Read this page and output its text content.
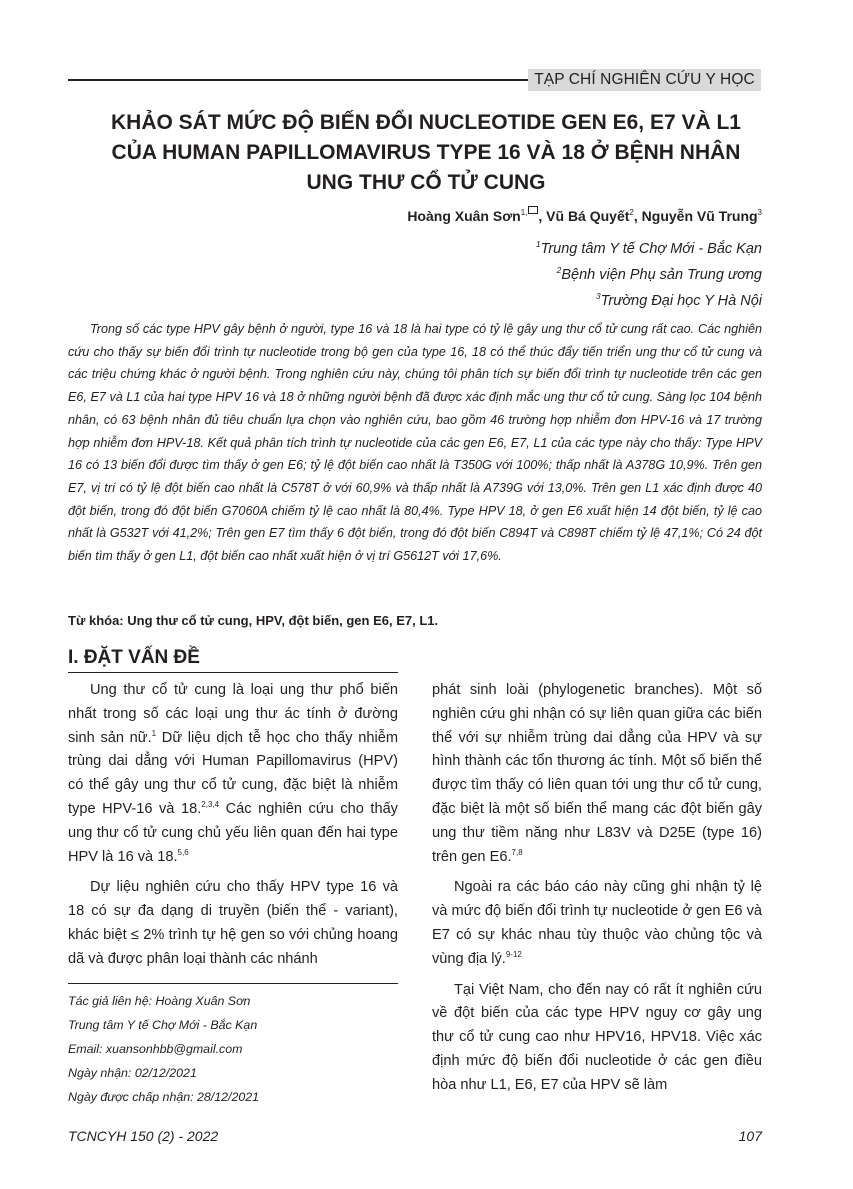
TẠP CHÍ NGHIÊN CỨU Y HỌC
KHẢO SÁT MỨC ĐỘ BIẾN ĐỔI NUCLEOTIDE GEN E6, E7 VÀ L1
CỦA HUMAN PAPILLOMAVIRUS TYPE 16 VÀ 18 Ở BỆNH NHÂN
UNG THƯ CỔ TỬ CUNG
Hoàng Xuân Sơn$^{1,}$ , Vũ Bá Quyết$^2$, Nguyễn Vũ Trung$^3$
$^1$Trung tâm Y tế Chợ Mới - Bắc Kạn
$^2$Bệnh viện Phụ sản Trung ương
$^3$Trường Đại học Y Hà Nội
Trong số các type HPV gây bệnh ở người, type 16 và 18 là hai type có tỷ lệ gây ung thư cổ tử cung rất cao. Các nghiên cứu cho thấy sự biến đổi trình tự nucleotide trong bộ gen của type 16, 18 có thể thúc đẩy tiến triển ung thư cổ tử cung và các triệu chứng khác ở người bệnh. Trong nghiên cứu này, chúng tôi phân tích sự biến đổi trình tự nucleotide trên các gen E6, E7 và L1 của hai type HPV 16 và 18 ở những người bệnh đã được xác định mắc ung thư cổ tử cung. Sàng lọc 104 bệnh nhân, có 63 bệnh nhân đủ tiêu chuẩn lựa chọn vào nghiên cứu, bao gồm 46 trường hợp nhiễm đơn HPV-16 và 17 trường hợp nhiễm đơn HPV-18. Kết quả phân tích trình tự nucleotide của các gen E6, E7, L1 của các type này cho thấy: Type HPV 16 có 13 biến đổi được tìm thấy ở gen E6; tỷ lệ đột biến cao nhất là T350G với 100%; thấp nhất là A378G 10,9%. Trên gen E7, vị trí có tỷ lệ đột biến cao nhất là C578T ở với 60,9% và thấp nhất là A739G với 13,0%. Trên gen L1 xác định được 40 đột biến, trong đó đột biến G7060A chiếm tỷ lệ cao nhất là 80,4%. Type HPV 18, ở gen E6 xuất hiện 14 đột biến, tỷ lệ cao nhất là G532T với 41,2%; Trên gen E7 tìm thấy 6 đột biến, trong đó đột biến C894T và C898T chiếm tỷ lệ 47,1%; Có 24 đột biến tìm thấy ở gen L1, đột biến cao nhất xuất hiện ở vị trí G5612T với 17,6%.
Từ khóa: Ung thư cổ tử cung, HPV, đột biến, gen E6, E7, L1.
I. ĐẶT VẤN ĐỀ

Ung thư cổ tử cung là loại ung thư phổ biến nhất trong số các loại ung thư ác tính ở đường sinh sản nữ.$^1$ Dữ liệu dịch tễ học cho thấy nhiễm trùng dai dẳng với Human Papillomavirus (HPV) có thể gây ung thư cổ tử cung, đặc biệt là nhiễm type HPV-16 và 18.$^{2,3,4}$ Các nghiên cứu cho thấy ung thư cổ tử cung chủ yếu liên quan đến hai type HPV là 16 và 18.$^{5,6}$

Dự liệu nghiên cứu cho thấy HPV type 16 và 18 có sự đa dạng di truyền (biến thể - variant), khác biệt ≤ 2% trình tự hệ gen so với chủng hoang dã và được phân loại thành các nhánh

Tác giả liên hệ: Hoàng Xuân Sơn
Trung tâm Y tế Chợ Mới - Bắc Kạn
Email: xuansonhbb@gmail.com
Ngày nhận: 02/12/2021
Ngày được chấp nhận: 28/12/2021

phát sinh loài (phylogenetic branches). Một số nghiên cứu ghi nhận có sự liên quan giữa các biến thể với sự nhiễm trùng dai dẳng của HPV và sự hình thành các tổn thương ác tính. Một số biến thể được tìm thấy có liên quan tới ung thư cổ tử cung, đặc biệt là một số biến thể mang các đột biến gây ung thư tiềm năng như L83V và D25E (type 16) trên gen E6.$^{7,8}$

Ngoài ra các báo cáo này cũng ghi nhận tỷ lệ và mức độ biến đổi trình tự nucleotide ở gen E6 và E7 có sự khác nhau tùy thuộc vào chủng tộc và vùng địa lý.$^{9-12}$

Tại Việt Nam, cho đến nay có rất ít nghiên cứu về đột biến của các type HPV nguy cơ gây ung thư cổ tử cung cao như HPV16, HPV18. Việc xác định mức độ biến đổi nucleotide ở các gen điều hòa như L1, E6, E7 của HPV sẽ làm

TCNCYH 150 (2) - 2022	107
